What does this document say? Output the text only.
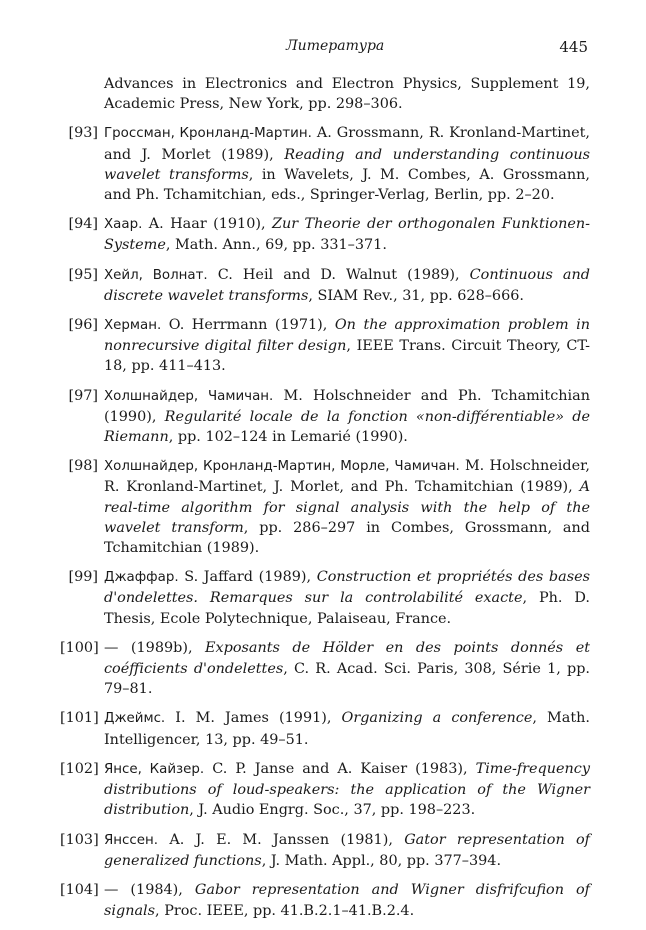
Литература	445
Advances in Electronics and Electron Physics, Supplement 19, Academic Press, New York, pp. 298–306.
[93] Гроссман, Кронланд-Мартин. A. Grossmann, R. Kronland-Martinet, and J. Morlet (1989), Reading and understanding continuous wavelet transforms, in Wavelets, J. M. Combes, A. Grossmann, and Ph. Tchamitchian, eds., Springer-Verlag, Berlin, pp. 2–20.
[94] Хаар. A. Haar (1910), Zur Theorie der orthogonalen Funktionen-Systeme, Math. Ann., 69, pp. 331–371.
[95] Хейл, Волнат. C. Heil and D. Walnut (1989), Continuous and discrete wavelet transforms, SIAM Rev., 31, pp. 628–666.
[96] Херман. O. Herrmann (1971), On the approximation problem in nonrecursive digital filter design, IEEE Trans. Circuit Theory, CT-18, pp. 411–413.
[97] Холшнайдер, Чамичан. M. Holschneider and Ph. Tchamitchian (1990), Regularité locale de la fonction «non-différentiable» de Riemann, pp. 102–124 in Lemarié (1990).
[98] Холшнайдер, Кронланд-Мартин, Морле, Чамичан. M. Holschneider, R. Kronland-Martinet, J. Morlet, and Ph. Tchamitchian (1989), A real-time algorithm for signal analysis with the help of the wavelet transform, pp. 286–297 in Combes, Grossmann, and Tchamitchian (1989).
[99] Джаффар. S. Jaffard (1989), Construction et propriétés des bases d'ondelettes. Remarques sur la controlabilité exacte, Ph. D. Thesis, Ecole Polytechnique, Palaiseau, France.
[100] — (1989b), Exposants de Hölder en des points donnés et coéfficients d'ondelettes, C. R. Acad. Sci. Paris, 308, Série 1, pp. 79–81.
[101] Джеймс. I. M. James (1991), Organizing a conference, Math. Intelligencer, 13, pp. 49–51.
[102] Янсе, Кайзер. C. P. Janse and A. Kaiser (1983), Time-frequency distributions of loud-speakers: the application of the Wigner distribution, J. Audio Engrg. Soc., 37, pp. 198–223.
[103] Янссен. A. J. E. M. Janssen (1981), Gator representation of generalized functions, J. Math. Appl., 80, pp. 377–394.
[104] — (1984), Gabor representation and Wigner disfrifcufion of signals, Proc. IEEE, pp. 41.B.2.1–41.B.2.4.
